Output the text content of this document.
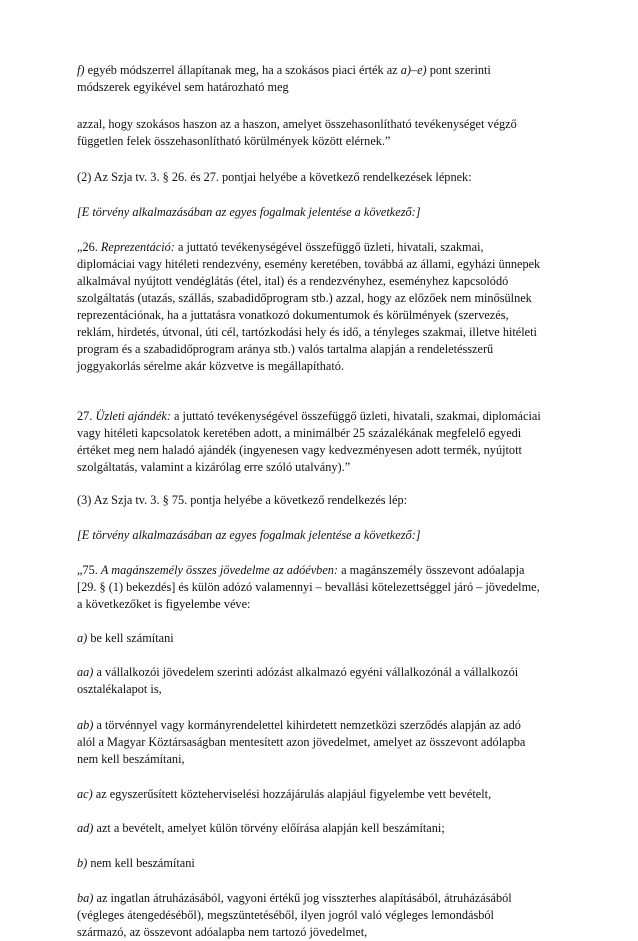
f) egyéb módszerrel állapítanak meg, ha a szokásos piaci érték az a)–e) pont szerinti
módszerek egyikével sem határozható meg

azzal, hogy szokásos haszon az a haszon, amelyet összehasonlítható tevékenységet végző
független felek összehasonlítható körülmények között elérnek.”

(2) Az Szja tv. 3. § 26. és 27. pontjai helyébe a következő rendelkezések lépnek:

[E törvény alkalmazásában az egyes fogalmak jelentése a következő:]

„26. Reprezentáció: a juttató tevékenységével összefüggő üzleti, hivatali, szakmai,
diplomáciai vagy hitéleti rendezvény, esemény keretében, továbbá az állami, egyházi ünnepek
alkalmával nyújtott vendéglátás (étel, ital) és a rendezvényhez, eseményhez kapcsolódó
szolgáltatás (utazás, szállás, szabadidőprogram stb.) azzal, hogy az előzőek nem minősülnek
reprezentációnak, ha a juttatásra vonatkozó dokumentumok és körülmények (szervezés,
reklám, hirdetés, útvonal, úti cél, tartózkodási hely és idő, a tényleges szakmai, illetve hitéleti
program és a szabadidőprogram aránya stb.) valós tartalma alapján a rendeletésszerű
joggyakorlás sérelme akár közvetve is megállapítható.

27. Üzleti ajándék: a juttató tevékenységével összefüggő üzleti, hivatali, szakmai, diplomáciai
vagy hitéleti kapcsolatok keretében adott, a minimálbér 25 százalékának megfelelő egyedi
értéket meg nem haladó ajándék (ingyenesen vagy kedvezményesen adott termék, nyújtott
szolgáltatás, valamint a kizárólag erre szóló utalvány).”

(3) Az Szja tv. 3. § 75. pontja helyébe a következő rendelkezés lép:

[E törvény alkalmazásában az egyes fogalmak jelentése a következő:]

„75. A magánszemély összes jövedelme az adóévben: a magánszemély összevont adóalapja
[29. § (1) bekezdés] és külön adózó valamennyi – bevallási kötelezettséggel járó – jövedelme,
a következőket is figyelembe véve:

a) be kell számítani

aa) a vállalkozói jövedelem szerinti adózást alkalmazó egyéni vállalkozónál a vállalkozói
osztalékalapot is,

ab) a törvénnyel vagy kormányrendelettel kihirdetett nemzetközi szerződés alapján az adó
alól a Magyar Köztársaságban mentesített azon jövedelmet, amelyet az összevont adólapba
nem kell beszámítani,

ac) az egyszerűsített közteherviselési hozzájárulás alapjául figyelembe vett bevételt,

ad) azt a bevételt, amelyet külön törvény előírása alapján kell beszámítani;

b) nem kell beszámítani

ba) az ingatlan átruházásából, vagyoni értékű jog visszterhes alapításából, átruházásából
(végleges átengedéséből), megszüntetéséből, ilyen jogról való végleges lemondásból
származó, az összevont adóalapba nem tartozó jövedelmet,
